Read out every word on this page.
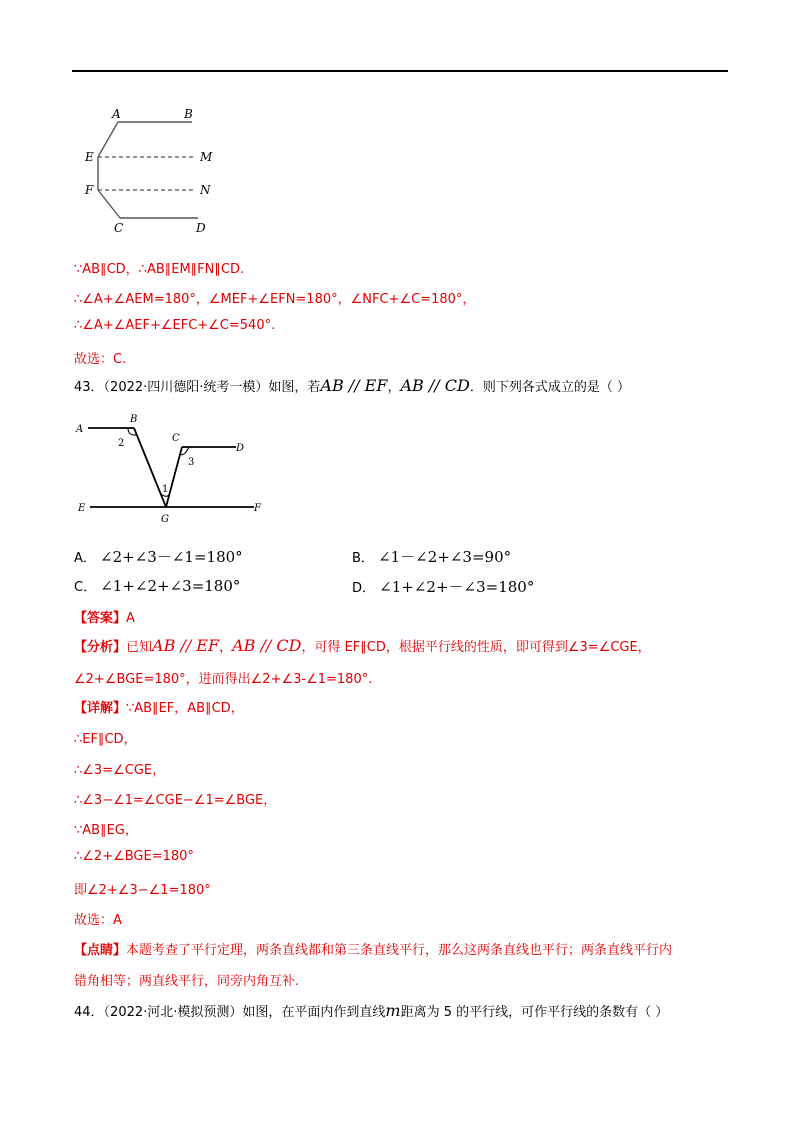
A	B
E	M
F	N
C	D
∵AB∥CD，∴AB∥EM∥FN∥CD.
∴∠A+∠AEM=180°，∠MEF+∠EFN=180°，∠NFC+∠C=180°，
∴∠A+∠AEF+∠EFC+∠C=540°.
故选：C.
43．（2022·四川德阳·统考一模）如图，若AB // EF，AB // CD．则下列各式成立的是（ ）
A
B
C
D
E	F
G
1
2
3
A． ∠2+∠3－∠1=180°	B． ∠1－∠2+∠3=90°
C． ∠1+∠2+∠3=180°	D． ∠1+∠2+－∠3=180°
【答案】A
【分析】已知AB // EF，AB // CD，可得 EF∥CD，根据平行线的性质，即可得到∠3=∠CGE，
∠2+∠BGE=180°，进而得出∠2+∠3-∠1=180°.
【详解】∵AB∥EF，AB∥CD，
∴EF∥CD，
∴∠3=∠CGE，
∴∠3−∠1=∠CGE−∠1=∠BGE，
∵AB∥EG，
∴∠2+∠BGE=180°
即∠2+∠3−∠1=180°
故选：A
【点睛】本题考查了平行定理，两条直线都和第三条直线平行，那么这两条直线也平行；两条直线平行内
错角相等；两直线平行，同旁内角互补.
44．（2022·河北·模拟预测）如图，在平面内作到直线m距离为 5 的平行线，可作平行线的条数有（ ）
